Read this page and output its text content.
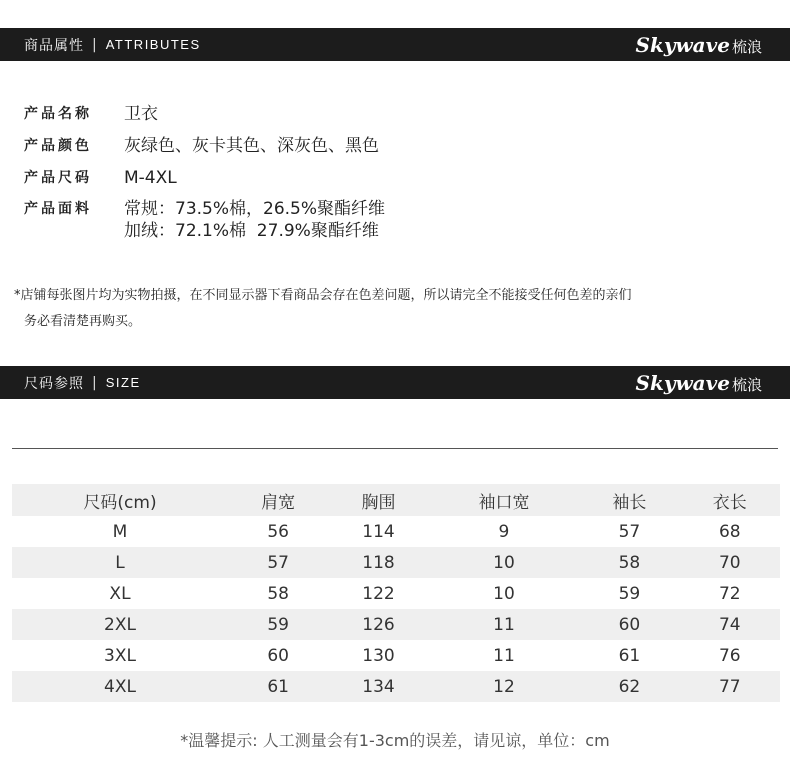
商品属性 | ATTRIBUTES	Skywave 梳浪
产品名称	卫衣
产品颜色	灰绿色、灰卡其色、深灰色、黑色
产品尺码	M-4XL
产品面料	常规：73.5%棉，26.5%聚酯纤维
加绒：72.1%棉  27.9%聚酯纤维
*店铺每张图片均为实物拍摄，在不同显示器下看商品会存在色差问题，所以请完全不能接受任何色差的亲们
务必看清楚再购买。
尺码参照 | SIZE	Skywave 梳浪
尺码(cm)	肩宽	胸围	袖口宽	袖长	衣长
M	56	114	9	57	68
L	57	118	10	58	70
XL	58	122	10	59	72
2XL	59	126	11	60	74
3XL	60	130	11	61	76
4XL	61	134	12	62	77
*温馨提示: 人工测量会有1-3cm的误差，请见谅，单位：cm
